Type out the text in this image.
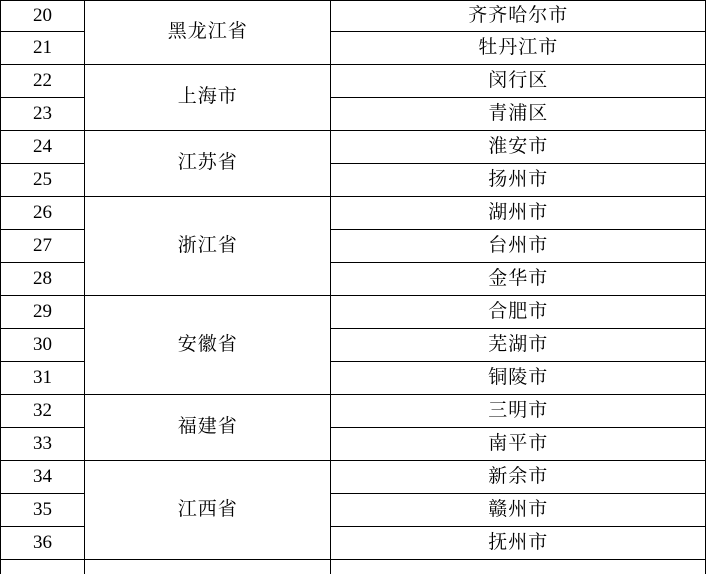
20	黑龙江省	齐齐哈尔市
21		牡丹江市
22	上海市	闵行区
23		青浦区
24	江苏省	淮安市
25		扬州市
26	浙江省	湖州市
27		台州市
28		金华市
29	安徽省	合肥市
30		芜湖市
31		铜陵市
32	福建省	三明市
33		南平市
34	江西省	新余市
35		赣州市
36		抚州市
